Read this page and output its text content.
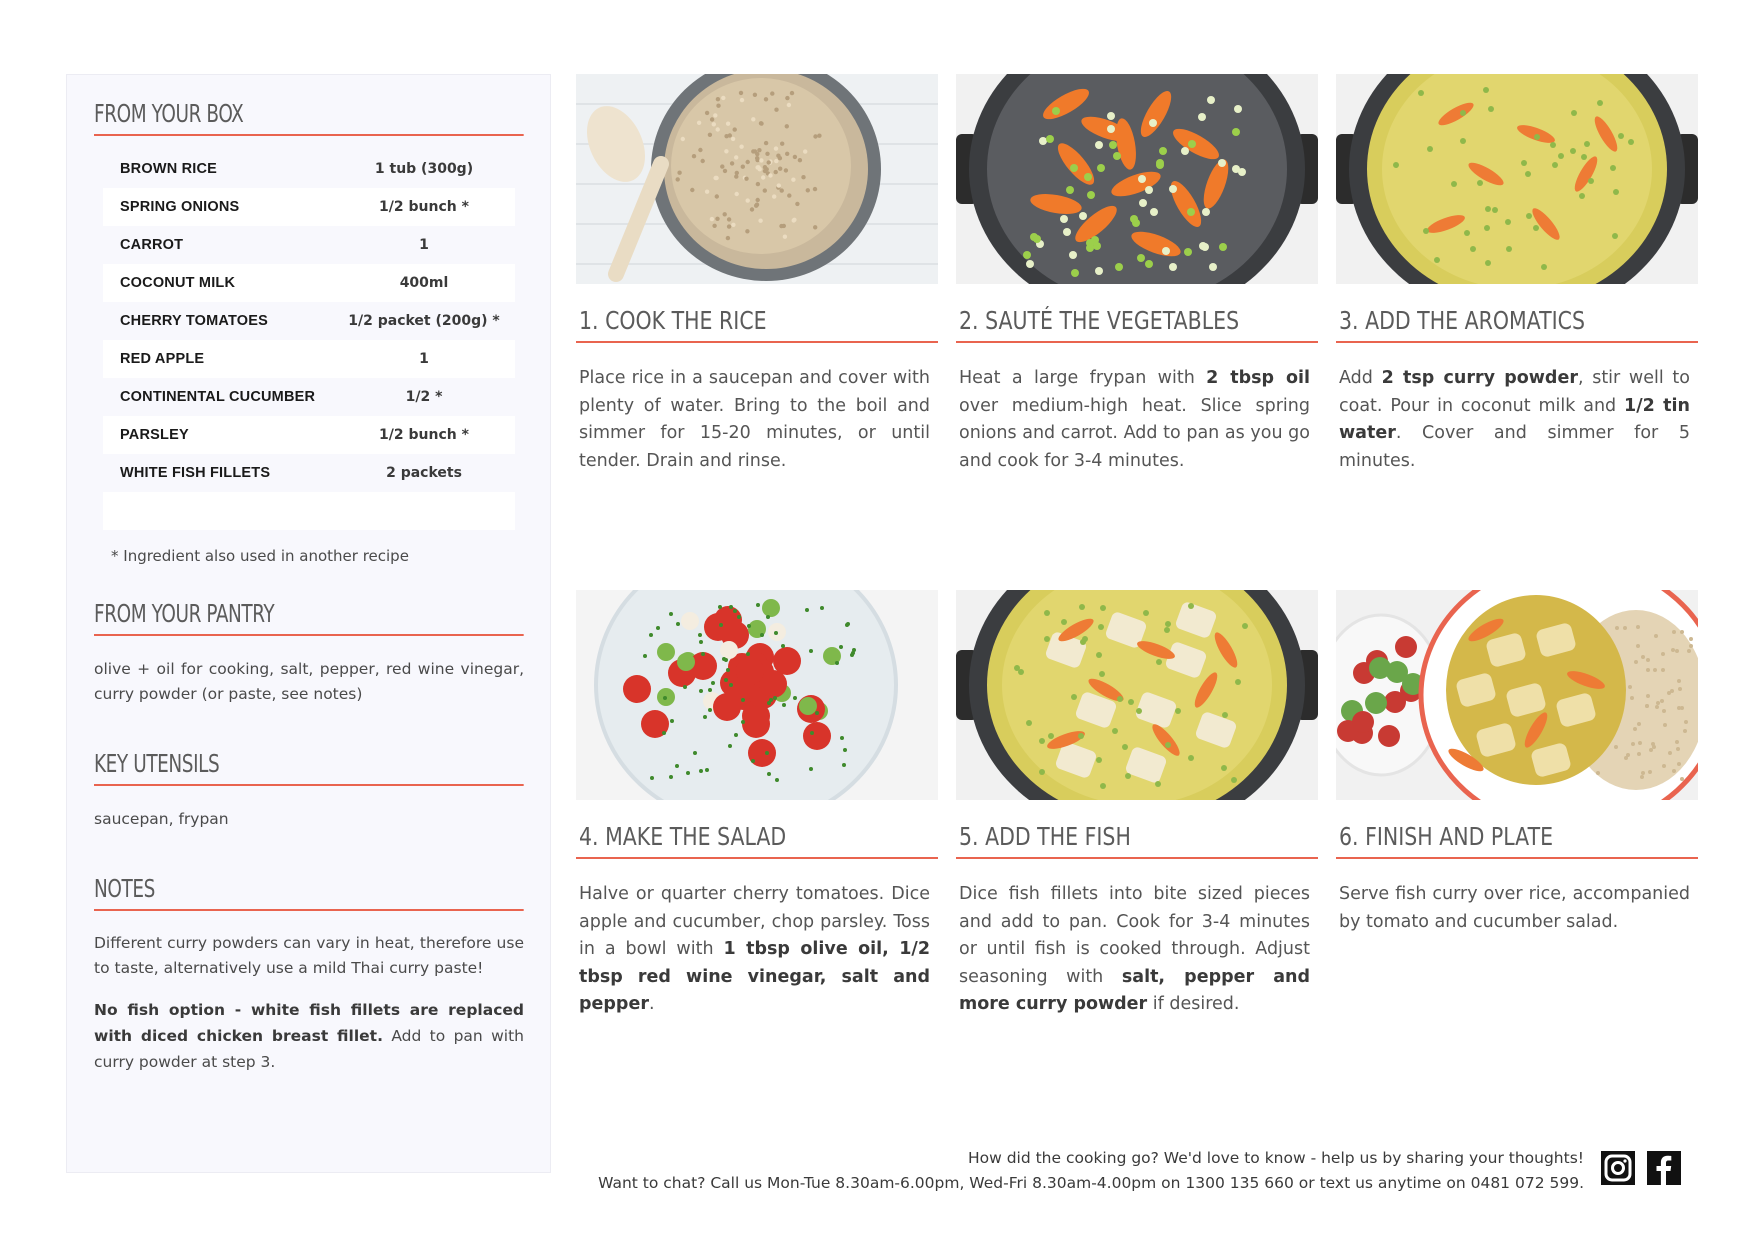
FROM YOUR BOX
BROWN RICE	1 tub (300g)
SPRING ONIONS	1/2 bunch *
CARROT	1
COCONUT MILK	400ml
CHERRY TOMATOES	1/2 packet (200g) *
RED APPLE	1
CONTINENTAL CUCUMBER	1/2 *
PARSLEY	1/2 bunch *
WHITE FISH FILLETS	2 packets
* Ingredient also used in another recipe
FROM YOUR PANTRY
olive + oil for cooking, salt, pepper, red wine vinegar, curry powder (or paste, see notes)
KEY UTENSILS
saucepan, frypan
NOTES
Different curry powders can vary in heat, therefore use to taste, alternatively use a mild Thai curry paste!
No fish option - white fish fillets are replaced with diced chicken breast fillet. Add to pan with curry powder at step 3.
1. COOK THE RICE
Place rice in a saucepan and cover with plenty of water. Bring to the boil and simmer for 15-20 minutes, or until tender. Drain and rinse.
2. SAUTÉ THE VEGETABLES
Heat a large frypan with 2 tbsp oil over medium-high heat. Slice spring onions and carrot. Add to pan as you go and cook for 3-4 minutes.
3. ADD THE AROMATICS
Add 2 tsp curry powder, stir well to coat. Pour in coconut milk and 1/2 tin water. Cover and simmer for 5 minutes.
4. MAKE THE SALAD
Halve or quarter cherry tomatoes. Dice apple and cucumber, chop parsley. Toss in a bowl with 1 tbsp olive oil, 1/2 tbsp red wine vinegar, salt and pepper.
5. ADD THE FISH
Dice fish fillets into bite sized pieces and add to pan. Cook for 3-4 minutes or until fish is cooked through. Adjust seasoning with salt, pepper and more curry powder if desired.
6. FINISH AND PLATE
Serve fish curry over rice, accompanied by tomato and cucumber salad.
How did the cooking go? We'd love to know - help us by sharing your thoughts!
Want to chat? Call us Mon-Tue 8.30am-6.00pm, Wed-Fri 8.30am-4.00pm on 1300 135 660 or text us anytime on 0481 072 599.
